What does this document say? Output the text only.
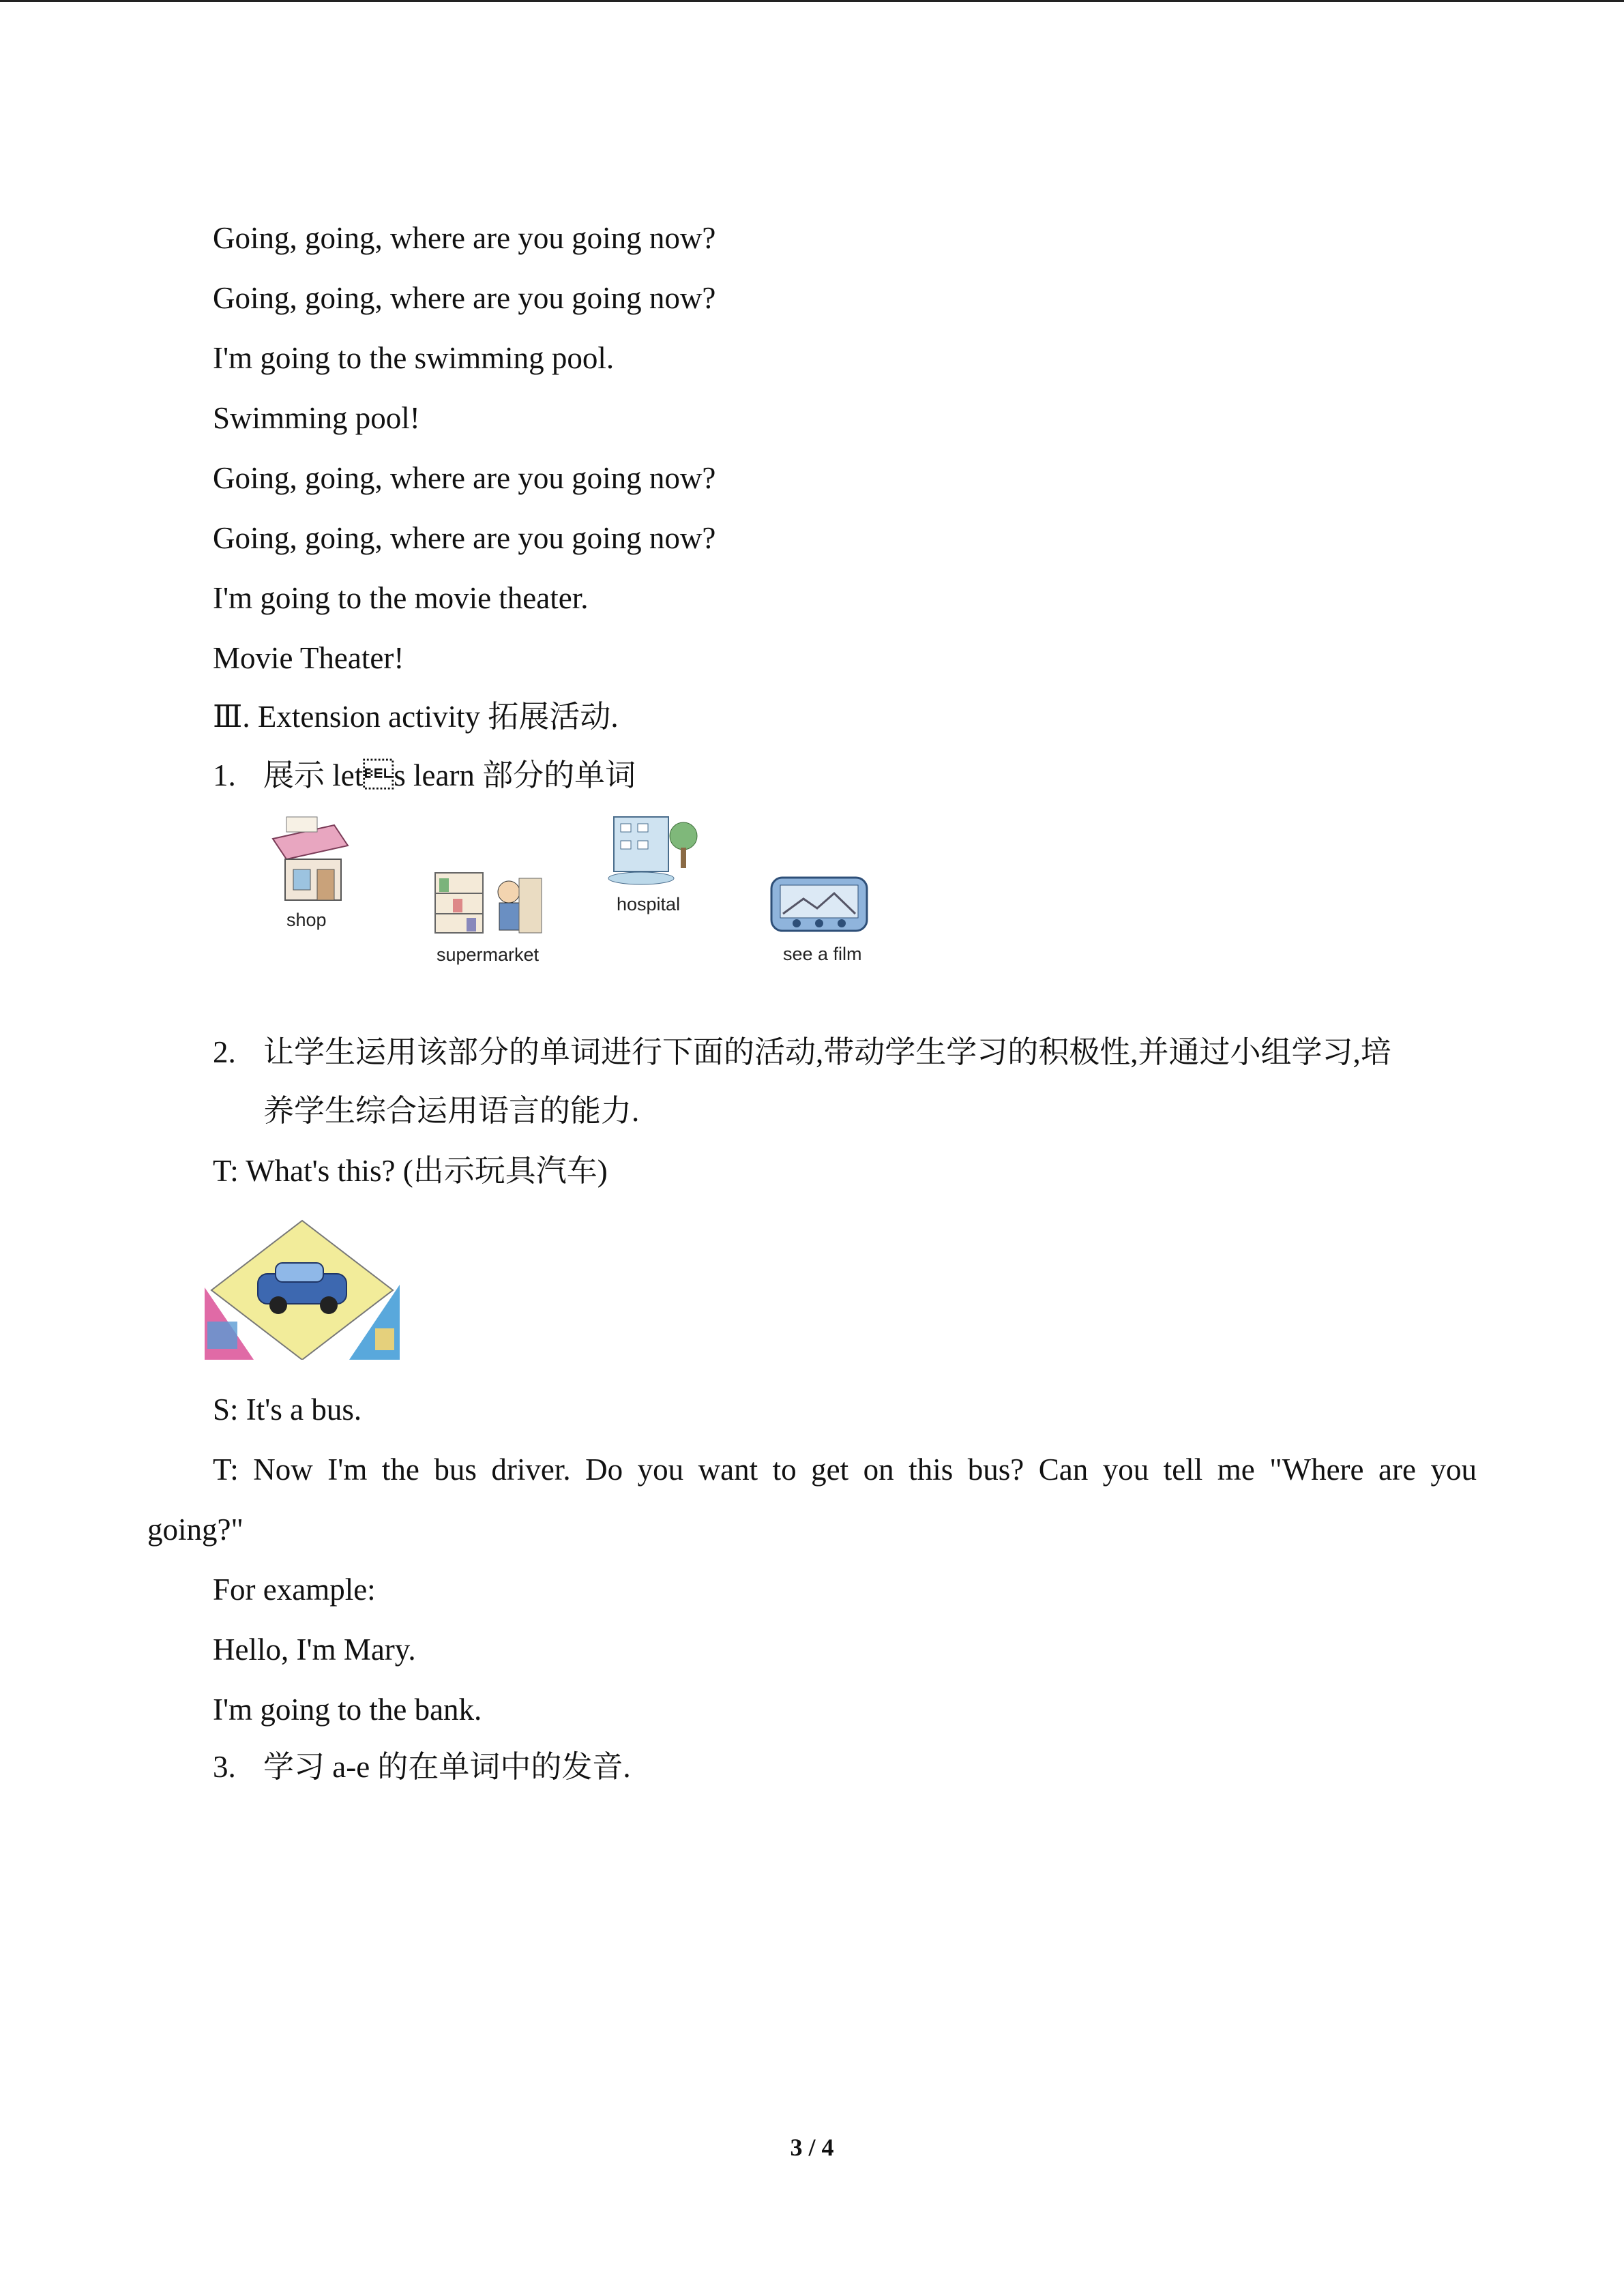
Going, going, where are you going now?
Going, going, where are you going now?
I'm going to the swimming pool.
Swimming pool!
Going, going, where are you going now?
Going, going, where are you going now?
I'm going to the movie theater.
Movie Theater!
Ⅲ. Extension activity 拓展活动.
1. 展示 lets learn 部分的单词
shop
supermarket
hospital
see a film
2. 让学生运用该部分的单词进行下面的活动,带动学生学习的积极性,并通过小组学习,培
养学生综合运用语言的能力.
T: What's this? (出示玩具汽车)
S: It's a bus.
T: Now I'm the bus driver. Do you want to get on this bus? Can you tell me "Where are you
going?"
For example:
Hello, I'm Mary.
I'm going to the bank.
3. 学习 a-e 的在单词中的发音.
3 / 4
